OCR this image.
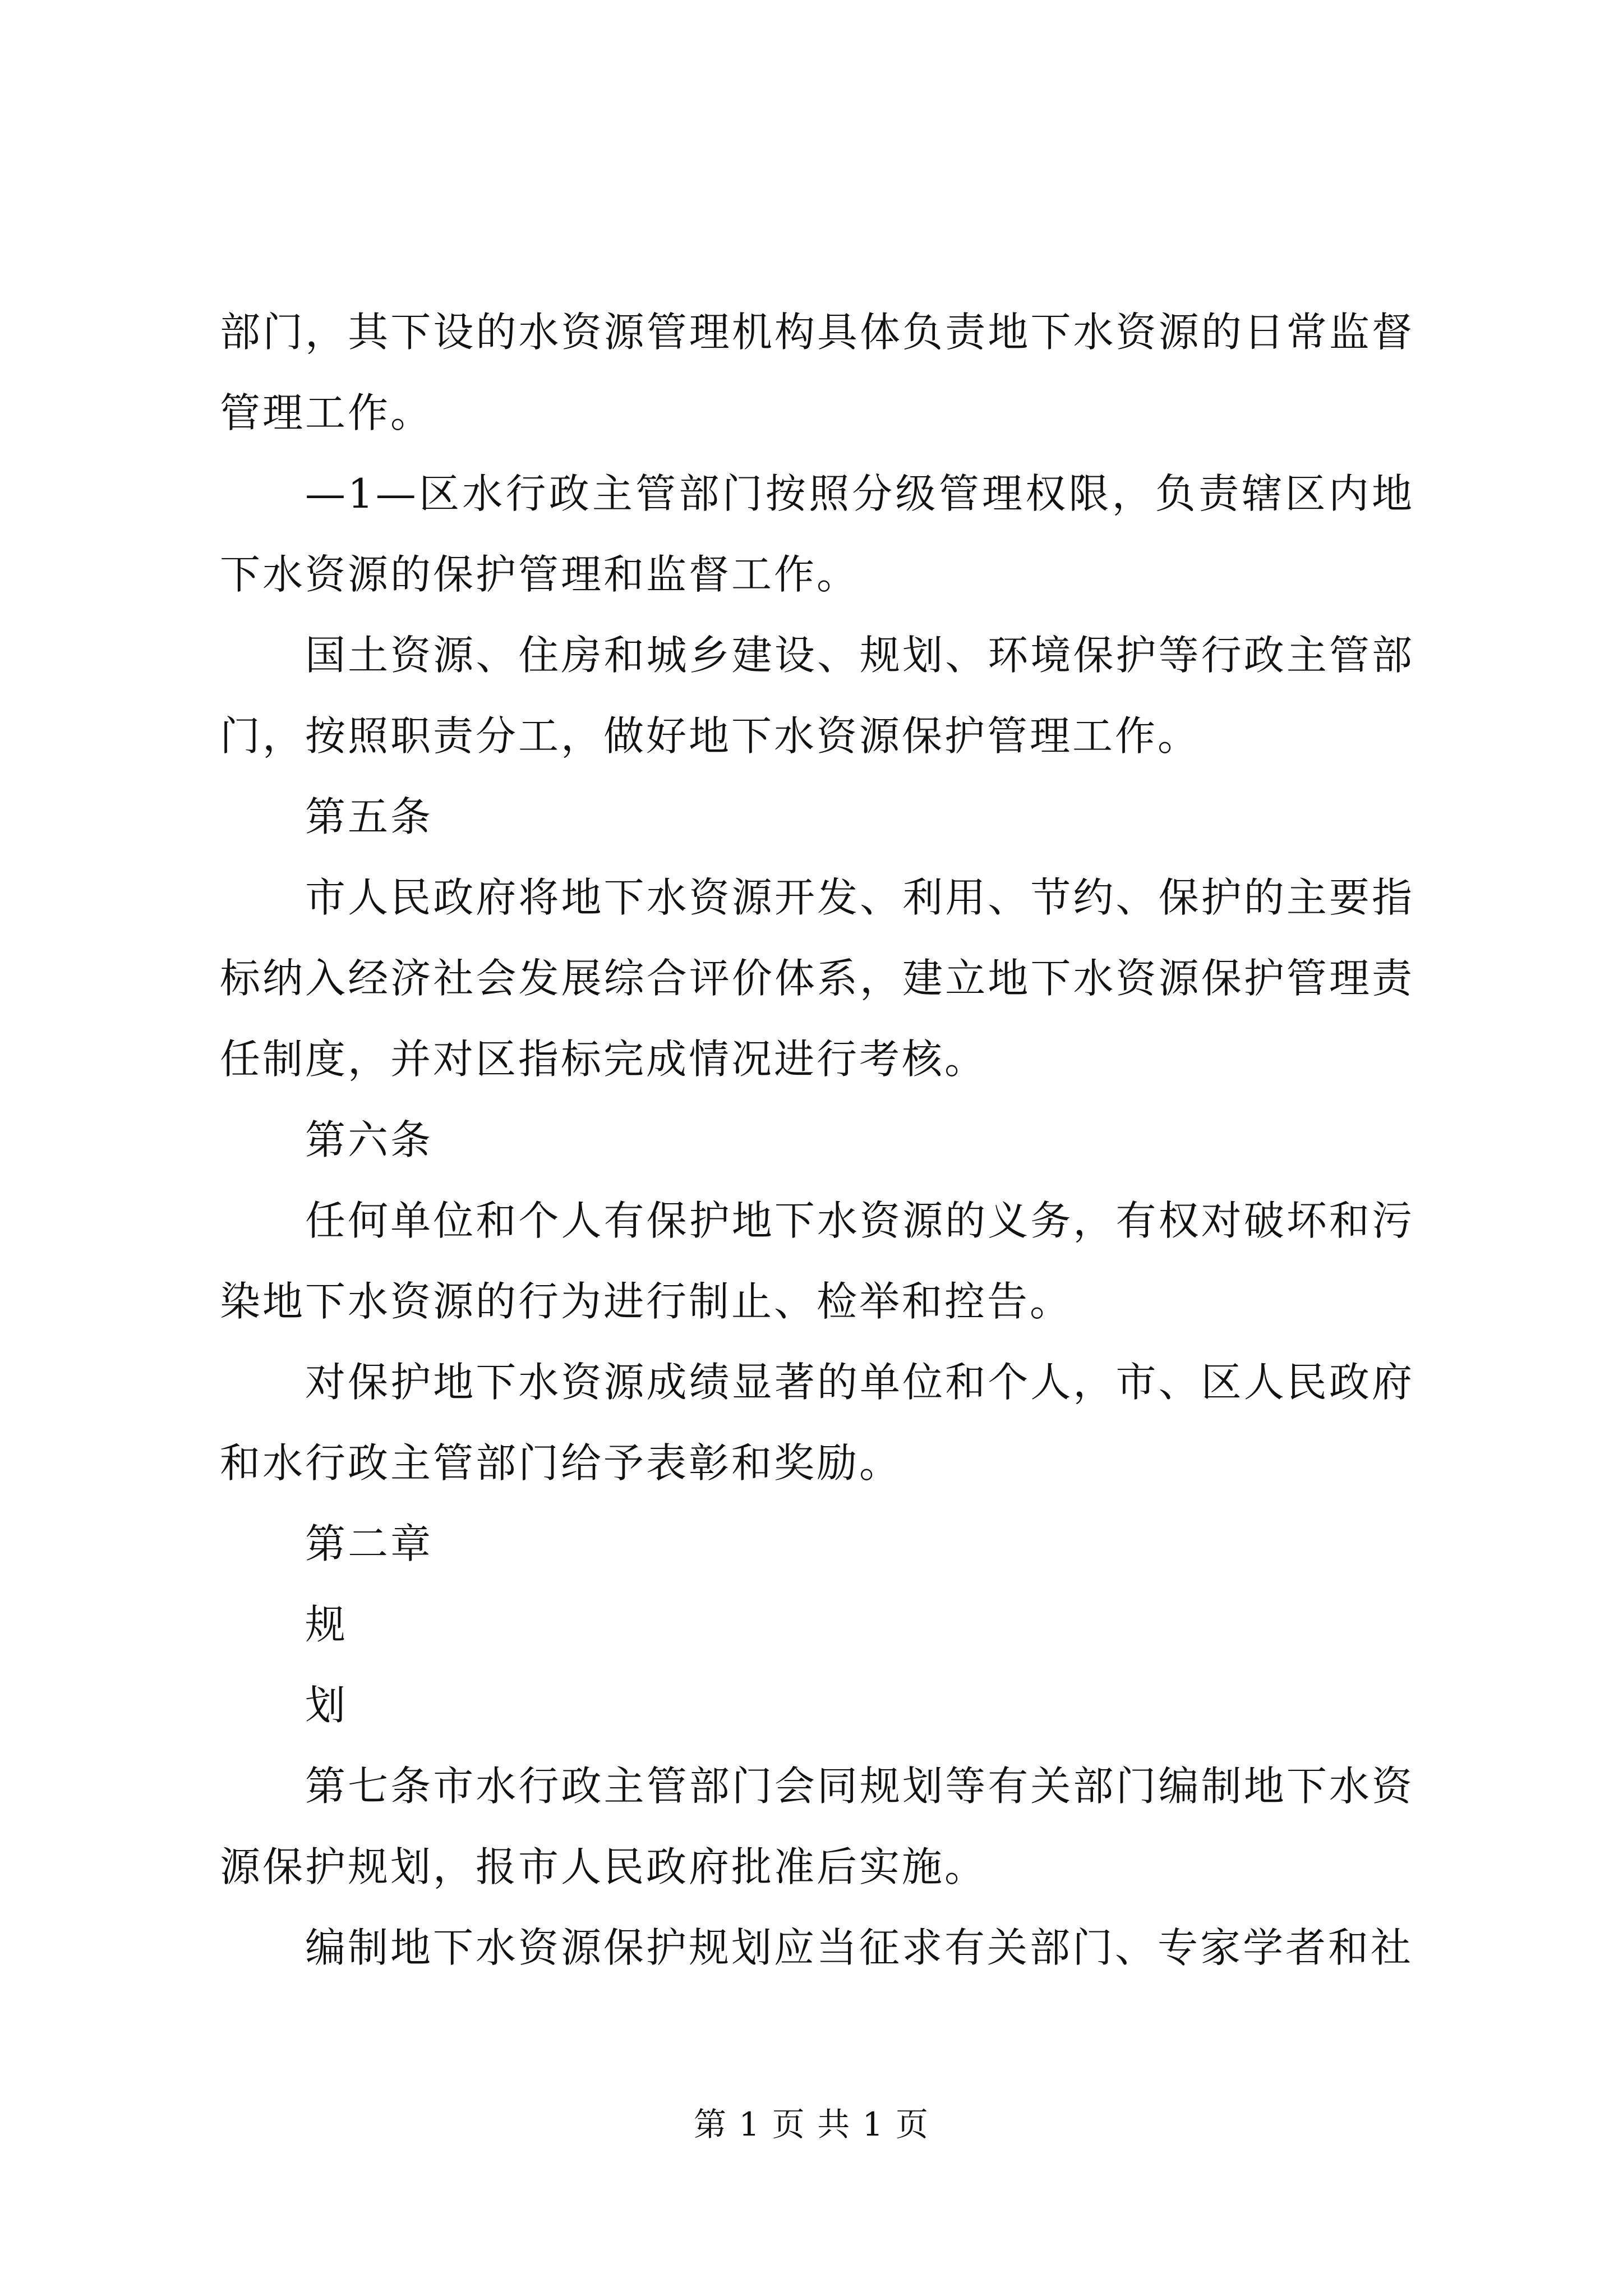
部门，其下设的水资源管理机构具体负责地下水资源的日常监督管理工作。

—1—区水行政主管部门按照分级管理权限，负责辖区内地下水资源的保护管理和监督工作。

国土资源、住房和城乡建设、规划、环境保护等行政主管部门，按照职责分工，做好地下水资源保护管理工作。

第五条

市人民政府将地下水资源开发、利用、节约、保护的主要指标纳入经济社会发展综合评价体系，建立地下水资源保护管理责任制度，并对区指标完成情况进行考核。

第六条

任何单位和个人有保护地下水资源的义务，有权对破坏和污染地下水资源的行为进行制止、检举和控告。

对保护地下水资源成绩显著的单位和个人，市、区人民政府和水行政主管部门给予表彰和奖励。

第二章

规

划

第七条市水行政主管部门会同规划等有关部门编制地下水资源保护规划，报市人民政府批准后实施。

编制地下水资源保护规划应当征求有关部门、专家学者和社

第 1 页 共 1 页
